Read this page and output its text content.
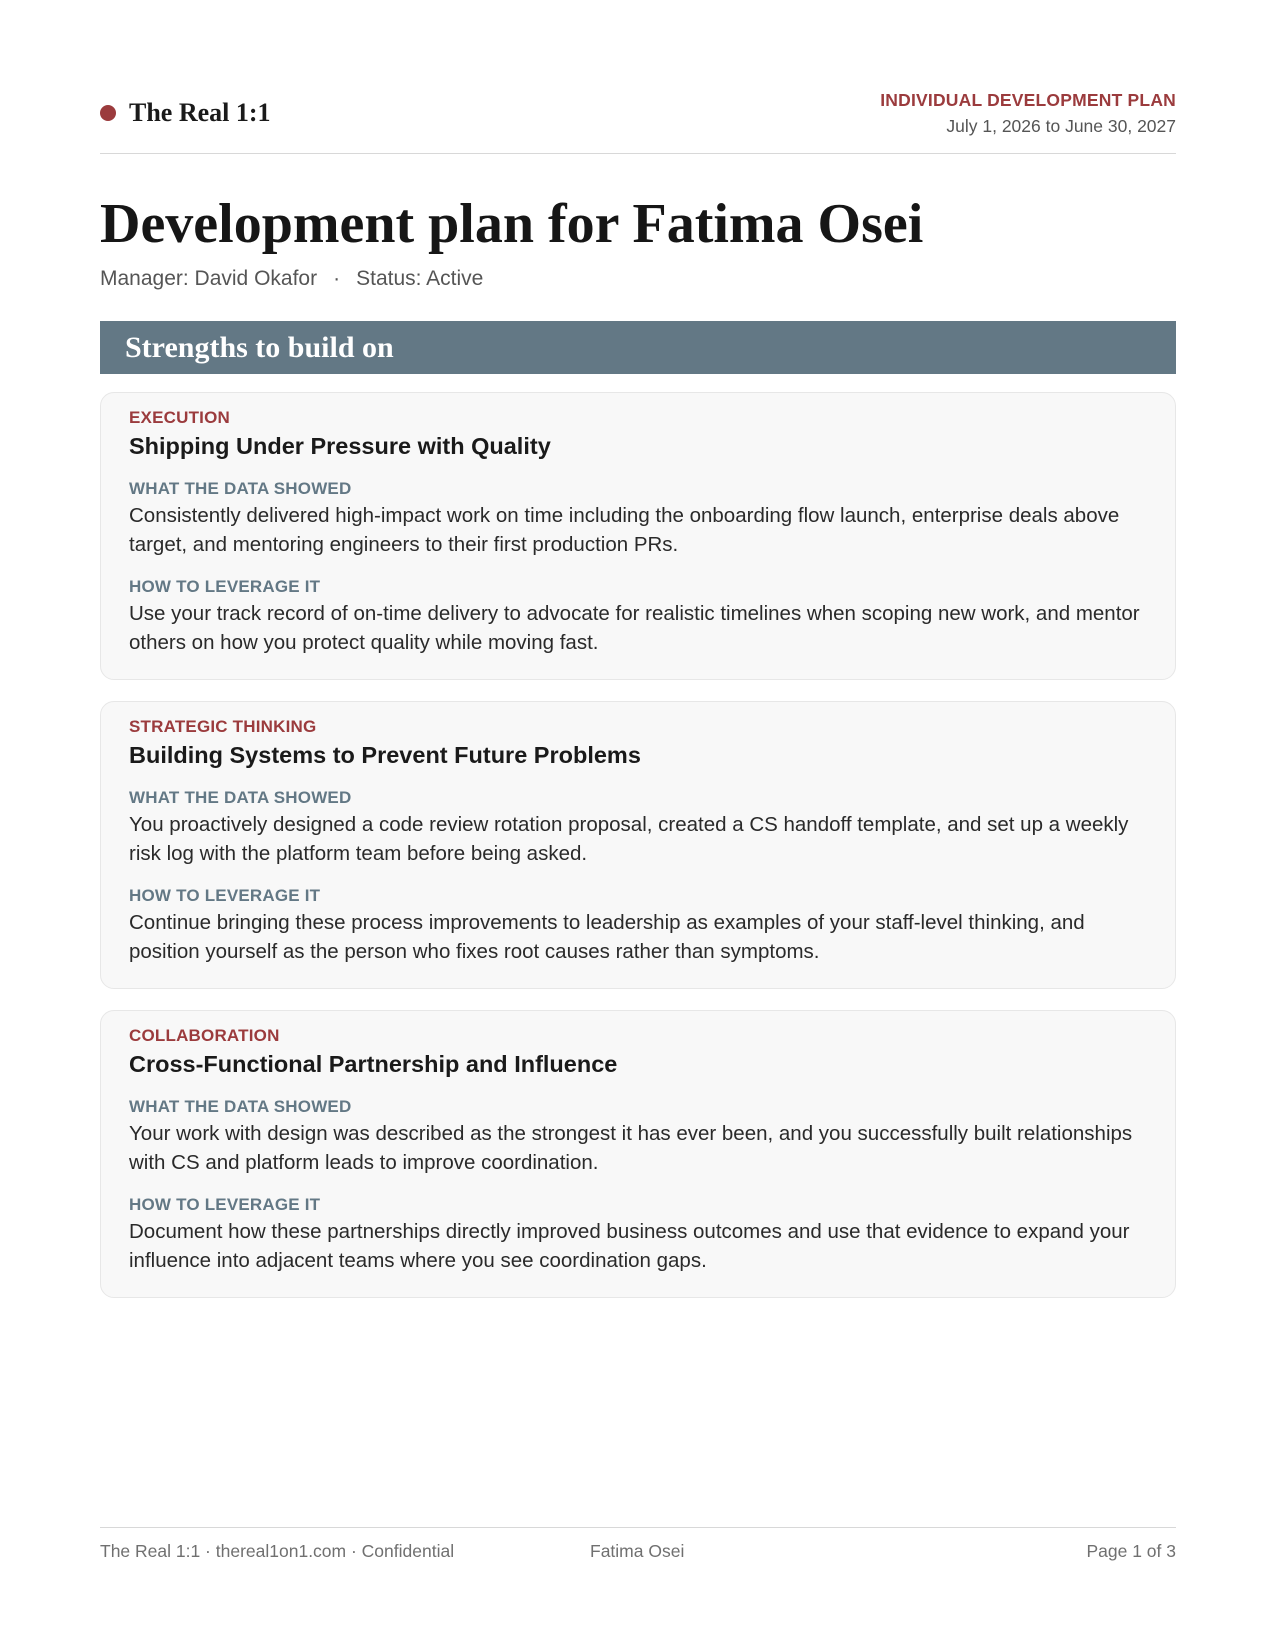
The Real 1:1	INDIVIDUAL DEVELOPMENT PLAN
July 1, 2026 to June 30, 2027
Development plan for Fatima Osei
Manager: David Okafor · Status: Active
Strengths to build on
EXECUTION
Shipping Under Pressure with Quality
WHAT THE DATA SHOWED
Consistently delivered high-impact work on time including the onboarding flow launch, enterprise deals above target, and mentoring engineers to their first production PRs.
HOW TO LEVERAGE IT
Use your track record of on-time delivery to advocate for realistic timelines when scoping new work, and mentor others on how you protect quality while moving fast.
STRATEGIC THINKING
Building Systems to Prevent Future Problems
WHAT THE DATA SHOWED
You proactively designed a code review rotation proposal, created a CS handoff template, and set up a weekly risk log with the platform team before being asked.
HOW TO LEVERAGE IT
Continue bringing these process improvements to leadership as examples of your staff-level thinking, and position yourself as the person who fixes root causes rather than symptoms.
COLLABORATION
Cross-Functional Partnership and Influence
WHAT THE DATA SHOWED
Your work with design was described as the strongest it has ever been, and you successfully built relationships with CS and platform leads to improve coordination.
HOW TO LEVERAGE IT
Document how these partnerships directly improved business outcomes and use that evidence to expand your influence into adjacent teams where you see coordination gaps.
The Real 1:1 · thereal1on1.com · Confidential	Fatima Osei	Page 1 of 3
